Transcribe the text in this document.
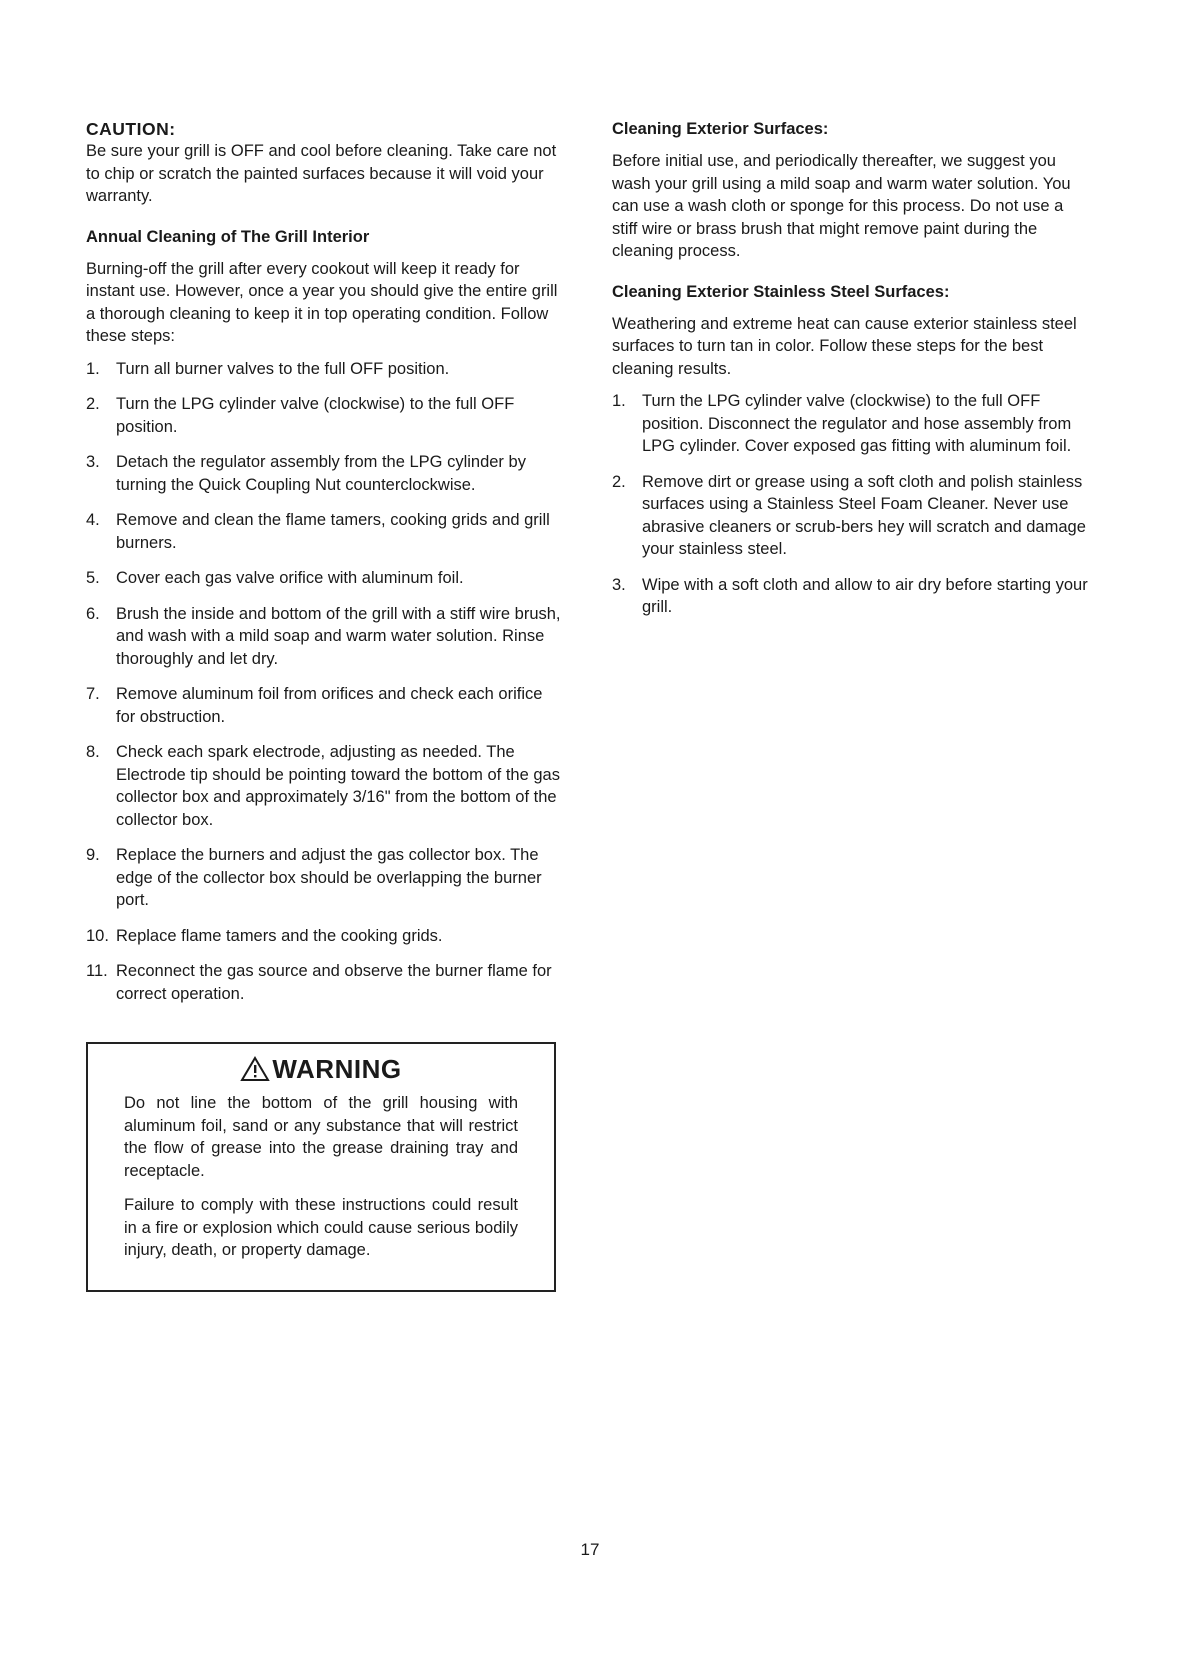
CAUTION:

Be sure your grill is OFF and cool before cleaning. Take care not to chip or scratch the painted surfaces because it will void your warranty.

Annual Cleaning of The Grill Interior

Burning-off the grill after every cookout will keep it ready for instant use. However, once a year you should give the entire grill a thorough cleaning to keep it in top operating condition. Follow these steps:

1. Turn all burner valves to the full OFF position.
2. Turn the LPG cylinder valve (clockwise) to the full OFF position.
3. Detach the regulator assembly from the LPG cylinder by turning the Quick Coupling Nut counterclockwise.
4. Remove and clean the flame tamers, cooking grids and grill burners.
5. Cover each gas valve orifice with aluminum foil.
6. Brush the inside and bottom of the grill with a stiff wire brush, and wash with a mild soap and warm water solution. Rinse thoroughly and let dry.
7. Remove aluminum foil from orifices and check each orifice for obstruction.
8. Check each spark electrode, adjusting as needed. The Electrode tip should be pointing toward the bottom of the gas collector box and approximately 3/16" from the bottom of the collector box.
9. Replace the burners and adjust the gas collector box. The edge of the collector box should be overlapping the burner port.
10. Replace flame tamers and the cooking grids.
11. Reconnect the gas source and observe the burner flame for correct operation.

WARNING

Do not line the bottom of the grill housing with aluminum foil, sand or any substance that will restrict the flow of grease into the grease draining tray and receptacle.

Failure to comply with these instructions could result in a fire or explosion which could cause serious bodily injury, death, or property damage.

Cleaning Exterior Surfaces:

Before initial use, and periodically thereafter, we suggest you wash your grill using a mild soap and warm water solution. You can use a wash cloth or sponge for this process. Do not use a stiff wire or brass brush that might remove paint during the cleaning process.

Cleaning Exterior Stainless Steel Surfaces:

Weathering and extreme heat can cause exterior stainless steel surfaces to turn tan in color. Follow these steps for the best cleaning results.

1. Turn the LPG cylinder valve (clockwise) to the full OFF position. Disconnect the regulator and hose assembly from LPG cylinder. Cover exposed gas fitting with aluminum foil.
2. Remove dirt or grease using a soft cloth and polish stainless surfaces using a Stainless Steel Foam Cleaner. Never use abrasive cleaners or scrub-bers hey will scratch and damage your stainless steel.
3. Wipe with a soft cloth and allow to air dry before starting your grill.
17
